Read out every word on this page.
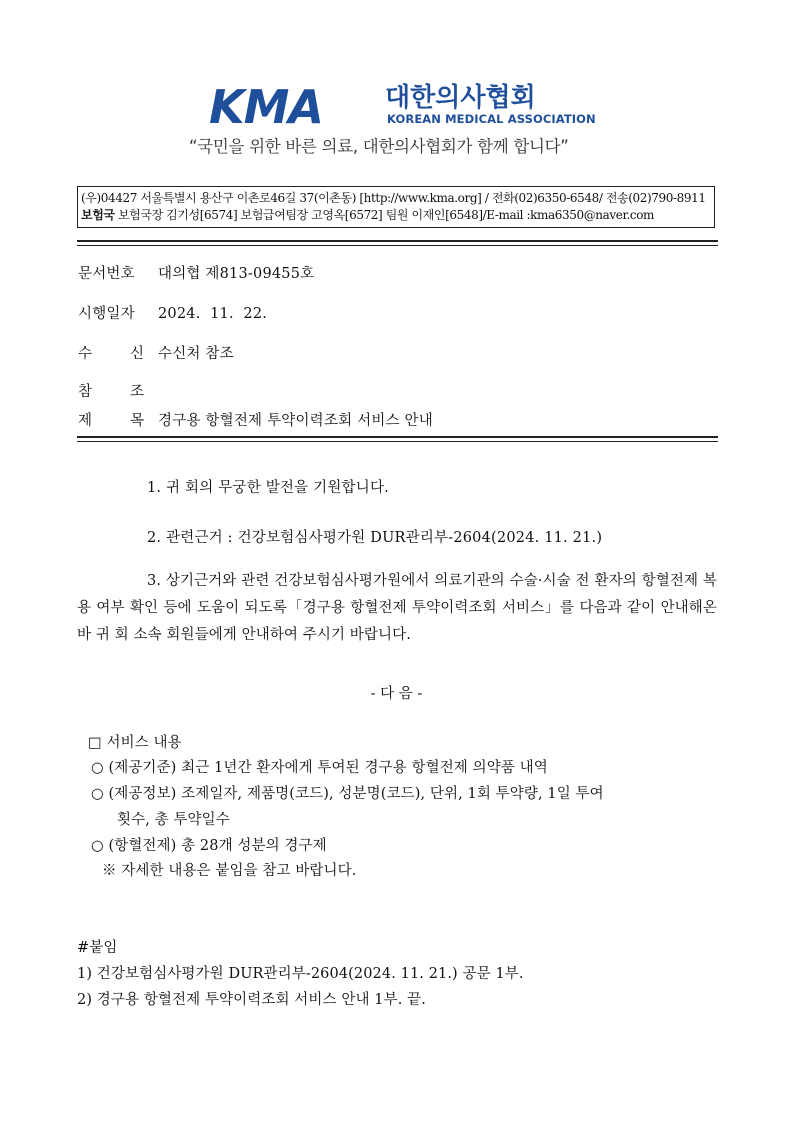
KMA 대한의사협회
KOREAN MEDICAL ASSOCIATION
“국민을 위한 바른 의료, 대한의사협회가 함께 합니다”
(우)04427 서울특별시 용산구 이촌로46길 37(이촌동) [http://www.kma.org] / 전화(02)6350-6548/ 전송(02)790-8911
보험국 보험국장 김기성[6574] 보험급여팀장 고영옥[6572] 팀원 이재인[6548]/E-mail :kma6350@naver.com
문서번호 대의협 제813-09455호
시행일자 2024.  11.  22.
수	신 수신처 참조
참	조
제	목 경구용 항혈전제 투약이력조회 서비스 안내
1. 귀 회의 무궁한 발전을 기원합니다.
2. 관련근거 : 건강보험심사평가원 DUR관리부-2604(2024. 11. 21.)
3. 상기근거와 관련 건강보험심사평가원에서 의료기관의 수술·시술 전 환자의 항혈전제 복용 여부 확인 등에 도움이 되도록「경구용 항혈전제 투약이력조회 서비스」를 다음과 같이 안내해온바 귀 회 소속 회원들에게 안내하여 주시기 바랍니다.
- 다 음 -
□ 서비스 내용
○ (제공기준) 최근 1년간 환자에게 투여된 경구용 항혈전제 의약품 내역
○ (제공정보) 조제일자, 제품명(코드), 성분명(코드), 단위, 1회 투약량, 1일 투여
횟수, 총 투약일수
○ (항혈전제) 총 28개 성분의 경구제
※ 자세한 내용은 붙임을 참고 바랍니다.
#붙임
1) 건강보험심사평가원 DUR관리부-2604(2024. 11. 21.) 공문 1부.
2) 경구용 항혈전제 투약이력조회 서비스 안내 1부. 끝.
